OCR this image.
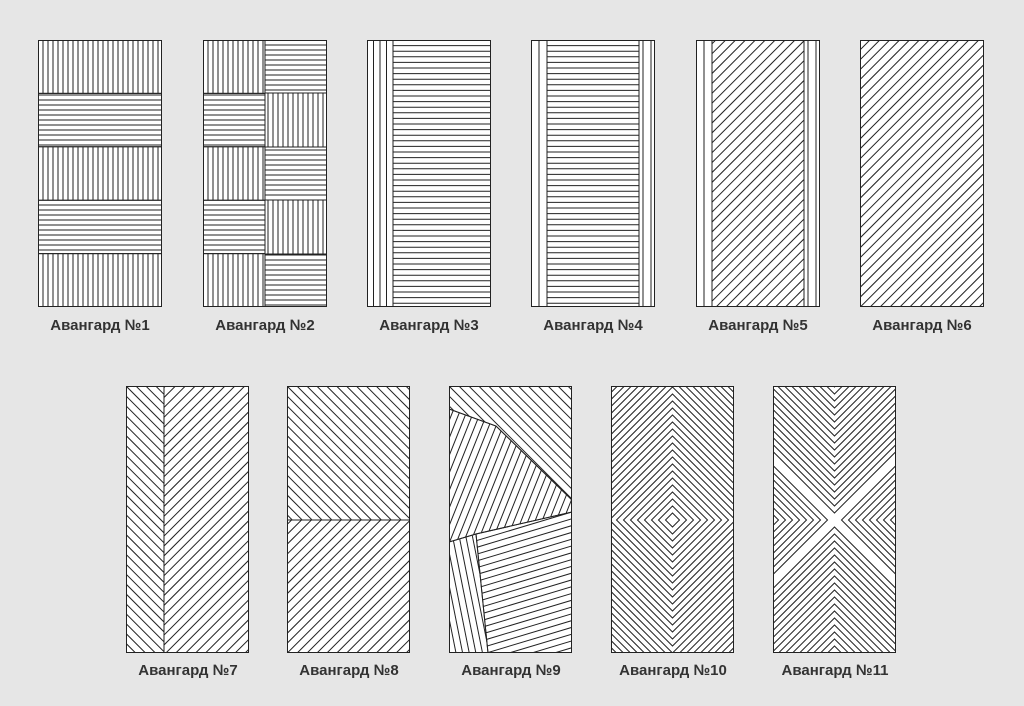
Авангард №1	Авангард №2	Авангард №3	Авангард №4	Авангард №5	Авангард №6
Авангард №7	Авангард №8	Авангард №9	Авангард №10	Авангард №11
